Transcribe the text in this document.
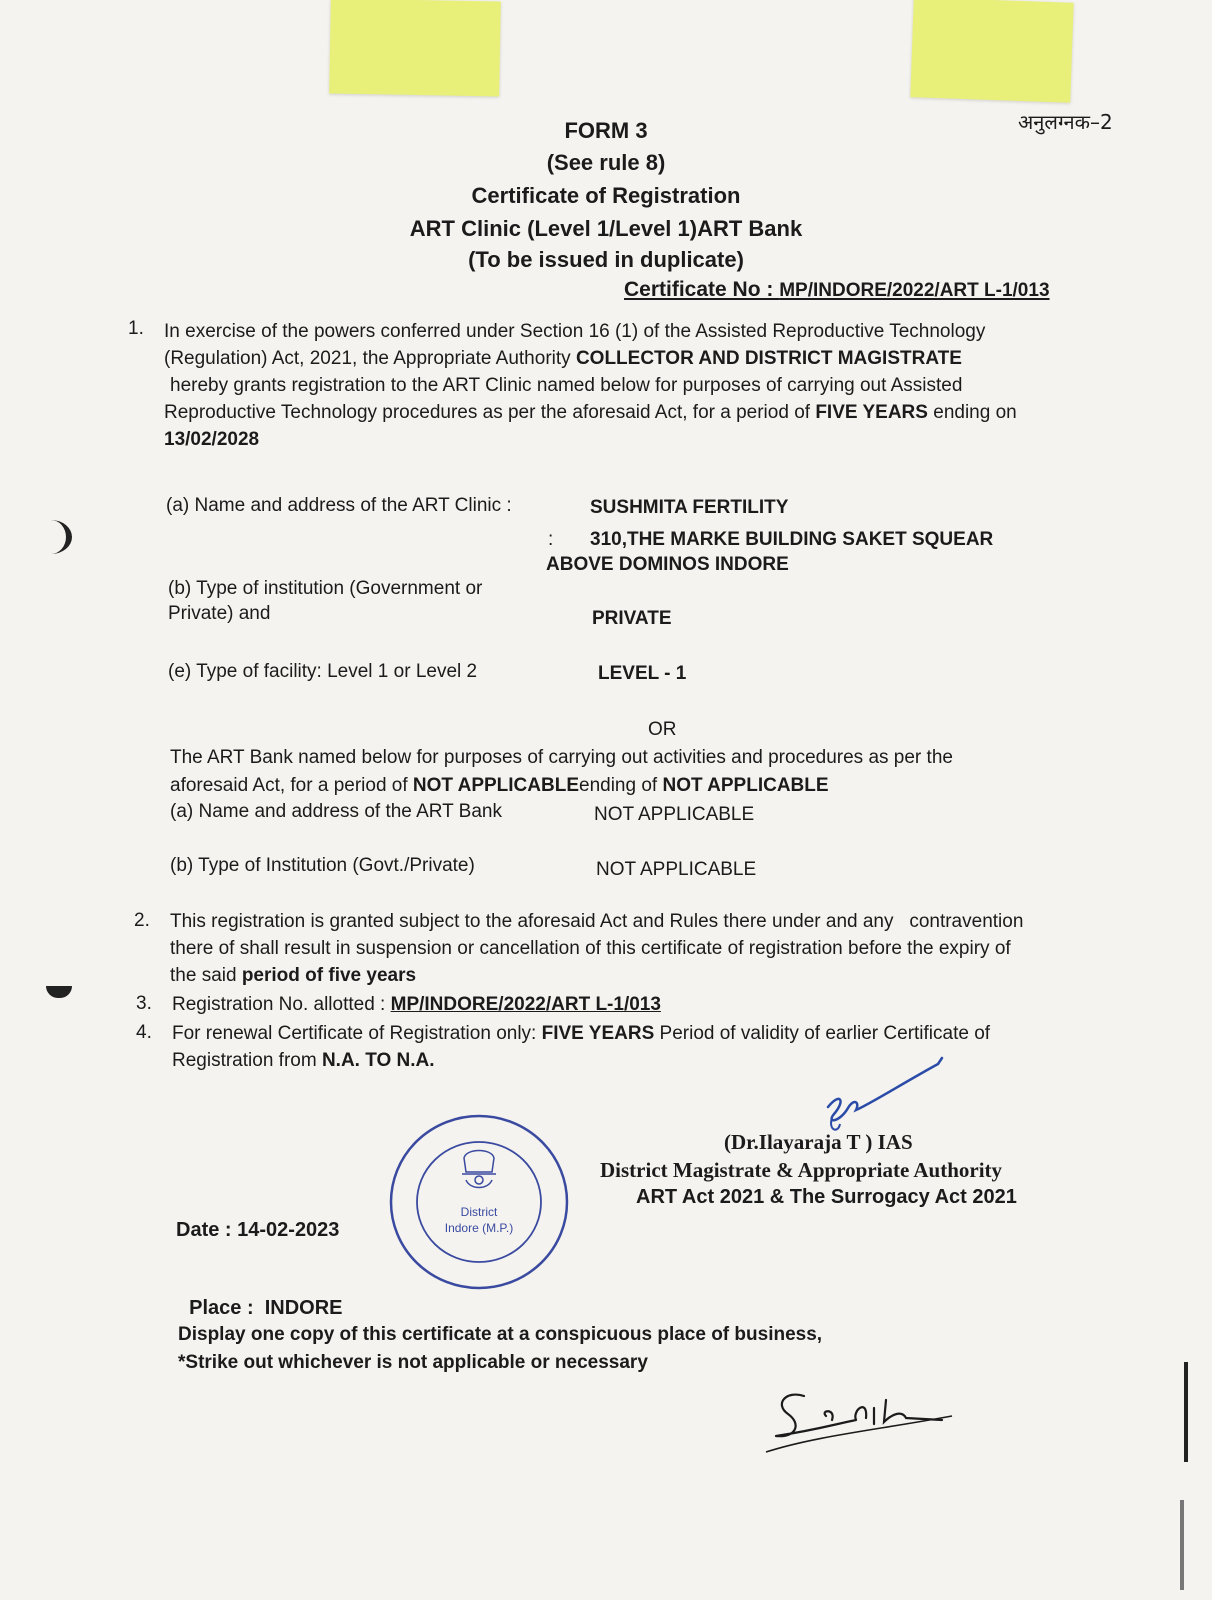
अनुलग्नक–2
FORM 3
(See rule 8)
Certificate of Registration
ART Clinic (Level 1/Level 1)ART Bank
(To be issued in duplicate)
Certificate No : MP/INDORE/2022/ART L-1/013
1. In exercise of the powers conferred under Section 16 (1) of the Assisted Reproductive Technology
(Regulation) Act, 2021, the Appropriate Authority COLLECTOR AND DISTRICT MAGISTRATE
hereby grants registration to the ART Clinic named below for purposes of carrying out Assisted
Reproductive Technology procedures as per the aforesaid Act, for a period of FIVE YEARS ending on
13/02/2028
(a) Name and address of the ART Clinic :	SUSHMITA FERTILITY
: 310,THE MARKE BUILDING SAKET SQUEAR
ABOVE DOMINOS INDORE
(b) Type of institution (Government or
Private) and	PRIVATE
(e) Type of facility: Level 1 or Level 2	LEVEL - 1
OR
The ART Bank named below for purposes of carrying out activities and procedures as per the
aforesaid Act, for a period of NOT APPLICABLEending of NOT APPLICABLE
(a) Name and address of the ART Bank	NOT APPLICABLE
(b) Type of Institution (Govt./Private)	NOT APPLICABLE
2. This registration is granted subject to the aforesaid Act and Rules there under and any   contravention
there of shall result in suspension or cancellation of this certificate of registration before the expiry of
the said period of five years
3. Registration No. allotted : MP/INDORE/2022/ART L-1/013
4. For renewal Certificate of Registration only: FIVE YEARS Period of validity of earlier Certificate of
Registration from N.A. TO N.A.
(Dr.Ilayaraja T ) IAS
District Magistrate & Appropriate Authority
ART Act 2021 & The Surrogacy Act 2021
District
Indore (M.P.)
Date : 14-02-2023

Place :  INDORE

Display one copy of this certificate at a conspicuous place of business,
*Strike out whichever is not applicable or necessary
